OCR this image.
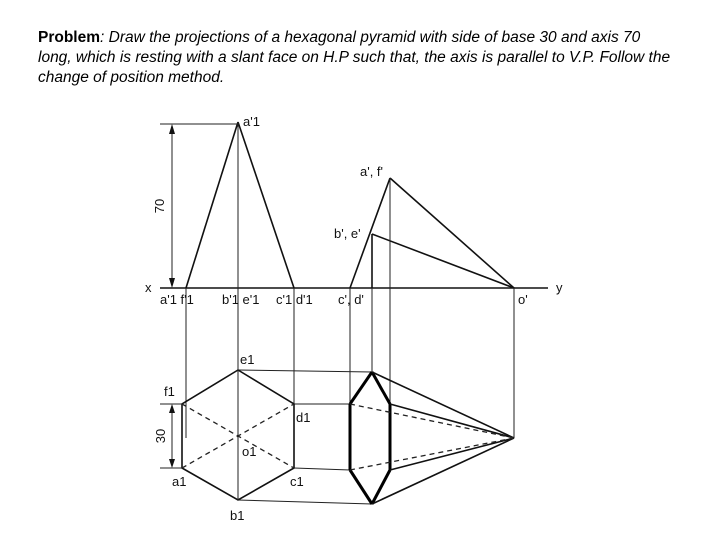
Problem: Draw the projections of a hexagonal pyramid with side of base 30 and axis 70 long, which is resting with a slant face on H.P such that, the axis is parallel to V.P. Follow the change of position method.
70
30
x	y
a'1
a'1 f'1 b'1 e'1 c'1 d'1
a', f'
b', e'
c', d'	o'
e1
f1
d1
o1
a1	c1
b1
